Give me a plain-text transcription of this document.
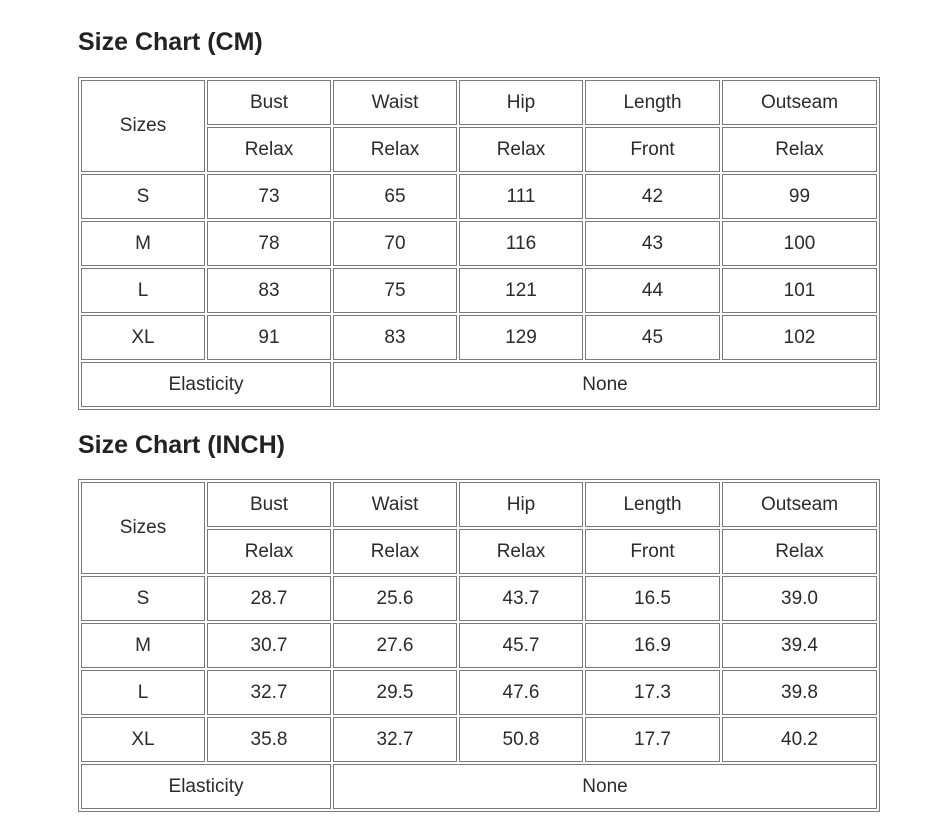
Size Chart (CM)
Sizes	Bust	Waist	Hip	Length	Outseam
	Relax	Relax	Relax	Front	Relax
S	73	65	111	42	99
M	78	70	116	43	100
L	83	75	121	44	101
XL	91	83	129	45	102
Elasticity		None			
Size Chart (INCH)
Sizes	Bust	Waist	Hip	Length	Outseam
	Relax	Relax	Relax	Front	Relax
S	28.7	25.6	43.7	16.5	39.0
M	30.7	27.6	45.7	16.9	39.4
L	32.7	29.5	47.6	17.3	39.8
XL	35.8	32.7	50.8	17.7	40.2
Elasticity		None			
